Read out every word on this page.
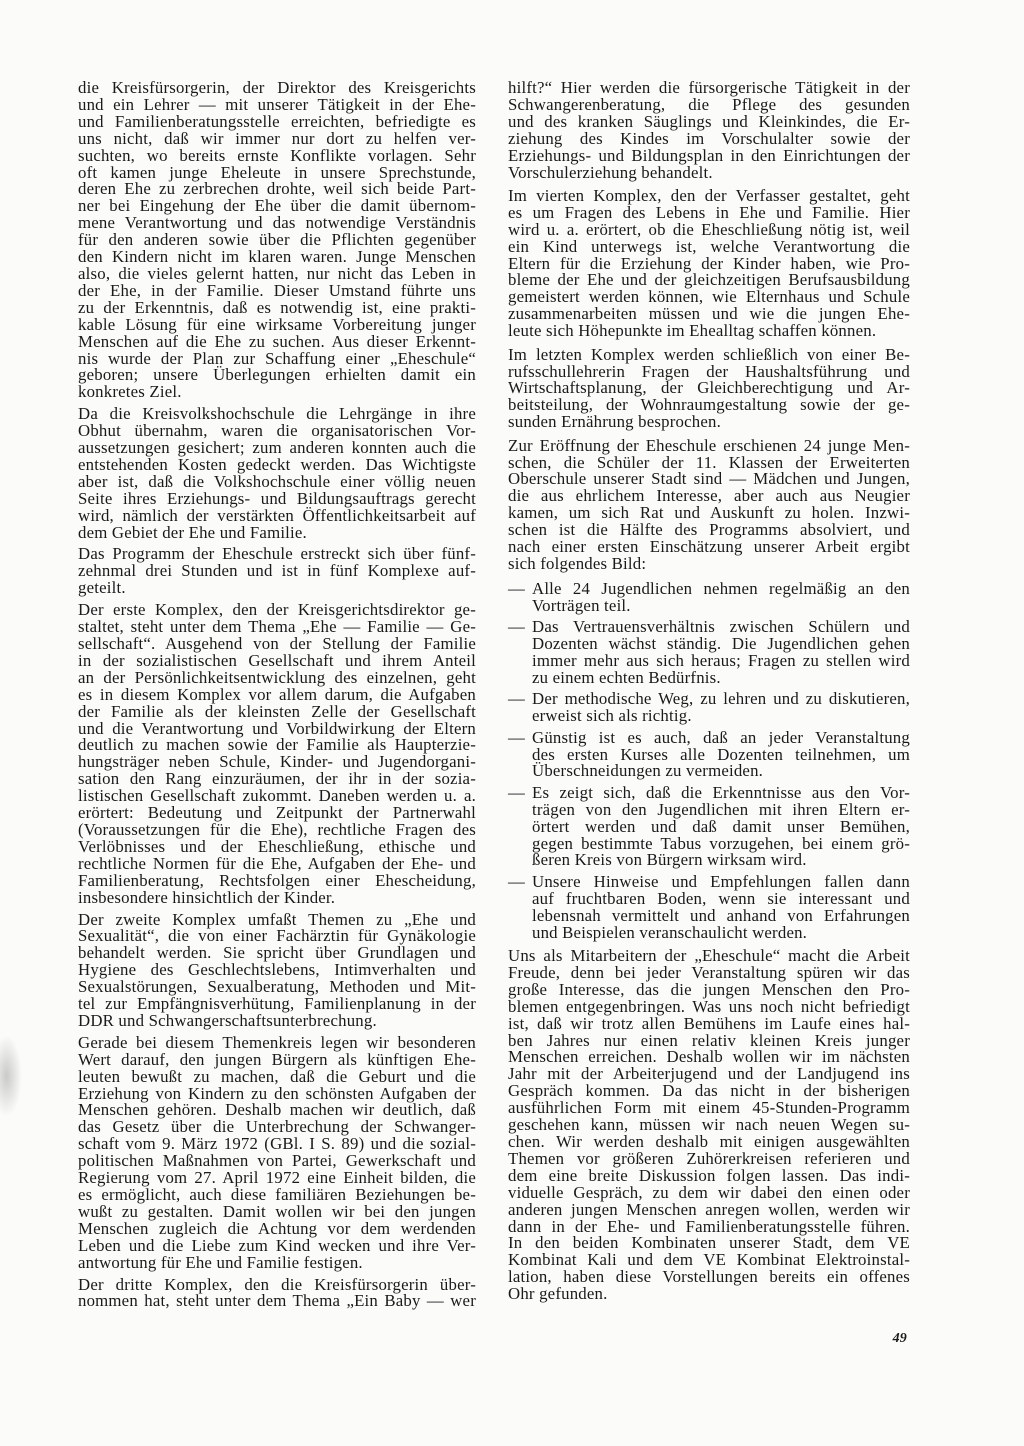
die Kreisfürsorgerin, der Direktor des Kreisgerichts
und ein Lehrer — mit unserer Tätigkeit in der Ehe-
und Familienberatungsstelle erreichten, befriedigte es
uns nicht, daß wir immer nur dort zu helfen ver-
suchten, wo bereits ernste Konflikte vorlagen. Sehr
oft kamen junge Eheleute in unsere Sprechstunde,
deren Ehe zu zerbrechen drohte, weil sich beide Part-
ner bei Eingehung der Ehe über die damit übernom-
mene Verantwortung und das notwendige Verständnis
für den anderen sowie über die Pflichten gegenüber
den Kindern nicht im klaren waren. Junge Menschen
also, die vieles gelernt hatten, nur nicht das Leben in
der Ehe, in der Familie. Dieser Umstand führte uns
zu der Erkenntnis, daß es notwendig ist, eine prakti-
kable Lösung für eine wirksame Vorbereitung junger
Menschen auf die Ehe zu suchen. Aus dieser Erkennt-
nis wurde der Plan zur Schaffung einer „Eheschule“
geboren; unsere Überlegungen erhielten damit ein
konkretes Ziel.
Da die Kreisvolkshochschule die Lehrgänge in ihre
Obhut übernahm, waren die organisatorischen Vor-
aussetzungen gesichert; zum anderen konnten auch die
entstehenden Kosten gedeckt werden. Das Wichtigste
aber ist, daß die Volkshochschule einer völlig neuen
Seite ihres Erziehungs- und Bildungsauftrags gerecht
wird, nämlich der verstärkten Öffentlichkeitsarbeit auf
dem Gebiet der Ehe und Familie.
Das Programm der Eheschule erstreckt sich über fünf-
zehnmal drei Stunden und ist in fünf Komplexe auf-
geteilt.
Der erste Komplex, den der Kreisgerichtsdirektor ge-
staltet, steht unter dem Thema „Ehe — Familie — Ge-
sellschaft“. Ausgehend von der Stellung der Familie
in der sozialistischen Gesellschaft und ihrem Anteil
an der Persönlichkeitsentwicklung des einzelnen, geht
es in diesem Komplex vor allem darum, die Aufgaben
der Familie als der kleinsten Zelle der Gesellschaft
und die Verantwortung und Vorbildwirkung der Eltern
deutlich zu machen sowie der Familie als Haupterzie-
hungsträger neben Schule, Kinder- und Jugendorgani-
sation den Rang einzuräumen, der ihr in der sozia-
listischen Gesellschaft zukommt. Daneben werden u. a.
erörtert: Bedeutung und Zeitpunkt der Partnerwahl
(Voraussetzungen für die Ehe), rechtliche Fragen des
Verlöbnisses und der Eheschließung, ethische und
rechtliche Normen für die Ehe, Aufgaben der Ehe- und
Familienberatung, Rechtsfolgen einer Ehescheidung,
insbesondere hinsichtlich der Kinder.
Der zweite Komplex umfaßt Themen zu „Ehe und
Sexualität“, die von einer Fachärztin für Gynäkologie
behandelt werden. Sie spricht über Grundlagen und
Hygiene des Geschlechtslebens, Intimverhalten und
Sexualstörungen, Sexualberatung, Methoden und Mit-
tel zur Empfängnisverhütung, Familienplanung in der
DDR und Schwangerschaftsunterbrechung.
Gerade bei diesem Themenkreis legen wir besonderen
Wert darauf, den jungen Bürgern als künftigen Ehe-
leuten bewußt zu machen, daß die Geburt und die
Erziehung von Kindern zu den schönsten Aufgaben der
Menschen gehören. Deshalb machen wir deutlich, daß
das Gesetz über die Unterbrechung der Schwanger-
schaft vom 9. März 1972 (GBl. I S. 89) und die sozial-
politischen Maßnahmen von Partei, Gewerkschaft und
Regierung vom 27. April 1972 eine Einheit bilden, die
es ermöglicht, auch diese familiären Beziehungen be-
wußt zu gestalten. Damit wollen wir bei den jungen
Menschen zugleich die Achtung vor dem werdenden
Leben und die Liebe zum Kind wecken und ihre Ver-
antwortung für Ehe und Familie festigen.
Der dritte Komplex, den die Kreisfürsorgerin über-
nommen hat, steht unter dem Thema „Ein Baby — wer
hilft?“ Hier werden die fürsorgerische Tätigkeit in der
Schwangerenberatung, die Pflege des gesunden
und des kranken Säuglings und Kleinkindes, die Er-
ziehung des Kindes im Vorschulalter sowie der
Erziehungs- und Bildungsplan in den Einrichtungen der
Vorschulerziehung behandelt.
Im vierten Komplex, den der Verfasser gestaltet, geht
es um Fragen des Lebens in Ehe und Familie. Hier
wird u. a. erörtert, ob die Eheschließung nötig ist, weil
ein Kind unterwegs ist, welche Verantwortung die
Eltern für die Erziehung der Kinder haben, wie Pro-
bleme der Ehe und der gleichzeitigen Berufsausbildung
gemeistert werden können, wie Elternhaus und Schule
zusammenarbeiten müssen und wie die jungen Ehe-
leute sich Höhepunkte im Ehealltag schaffen können.
Im letzten Komplex werden schließlich von einer Be-
rufsschullehrerin Fragen der Haushaltsführung und
Wirtschaftsplanung, der Gleichberechtigung und Ar-
beitsteilung, der Wohnraumgestaltung sowie der ge-
sunden Ernährung besprochen.
Zur Eröffnung der Eheschule erschienen 24 junge Men-
schen, die Schüler der 11. Klassen der Erweiterten
Oberschule unserer Stadt sind — Mädchen und Jungen,
die aus ehrlichem Interesse, aber auch aus Neugier
kamen, um sich Rat und Auskunft zu holen. Inzwi-
schen ist die Hälfte des Programms absolviert, und
nach einer ersten Einschätzung unserer Arbeit ergibt
sich folgendes Bild:
— Alle 24 Jugendlichen nehmen regelmäßig an den
Vorträgen teil.
— Das Vertrauensverhältnis zwischen Schülern und
Dozenten wächst ständig. Die Jugendlichen gehen
immer mehr aus sich heraus; Fragen zu stellen wird
zu einem echten Bedürfnis.
— Der methodische Weg, zu lehren und zu diskutieren,
erweist sich als richtig.
— Günstig ist es auch, daß an jeder Veranstaltung
des ersten Kurses alle Dozenten teilnehmen, um
Überschneidungen zu vermeiden.
— Es zeigt sich, daß die Erkenntnisse aus den Vor-
trägen von den Jugendlichen mit ihren Eltern er-
örtert werden und daß damit unser Bemühen,
gegen bestimmte Tabus vorzugehen, bei einem grö-
ßeren Kreis von Bürgern wirksam wird.
— Unsere Hinweise und Empfehlungen fallen dann
auf fruchtbaren Boden, wenn sie interessant und
lebensnah vermittelt und anhand von Erfahrungen
und Beispielen veranschaulicht werden.
Uns als Mitarbeitern der „Eheschule“ macht die Arbeit
Freude, denn bei jeder Veranstaltung spüren wir das
große Interesse, das die jungen Menschen den Pro-
blemen entgegenbringen. Was uns noch nicht befriedigt
ist, daß wir trotz allen Bemühens im Laufe eines hal-
ben Jahres nur einen relativ kleinen Kreis junger
Menschen erreichen. Deshalb wollen wir im nächsten
Jahr mit der Arbeiterjugend und der Landjugend ins
Gespräch kommen. Da das nicht in der bisherigen
ausführlichen Form mit einem 45-Stunden-Programm
geschehen kann, müssen wir nach neuen Wegen su-
chen. Wir werden deshalb mit einigen ausgewählten
Themen vor größeren Zuhörerkreisen referieren und
dem eine breite Diskussion folgen lassen. Das indi-
viduelle Gespräch, zu dem wir dabei den einen oder
anderen jungen Menschen anregen wollen, werden wir
dann in der Ehe- und Familienberatungsstelle führen.
In den beiden Kombinaten unserer Stadt, dem VE
Kombinat Kali und dem VE Kombinat Elektroinstal-
lation, haben diese Vorstellungen bereits ein offenes
Ohr gefunden.
49
